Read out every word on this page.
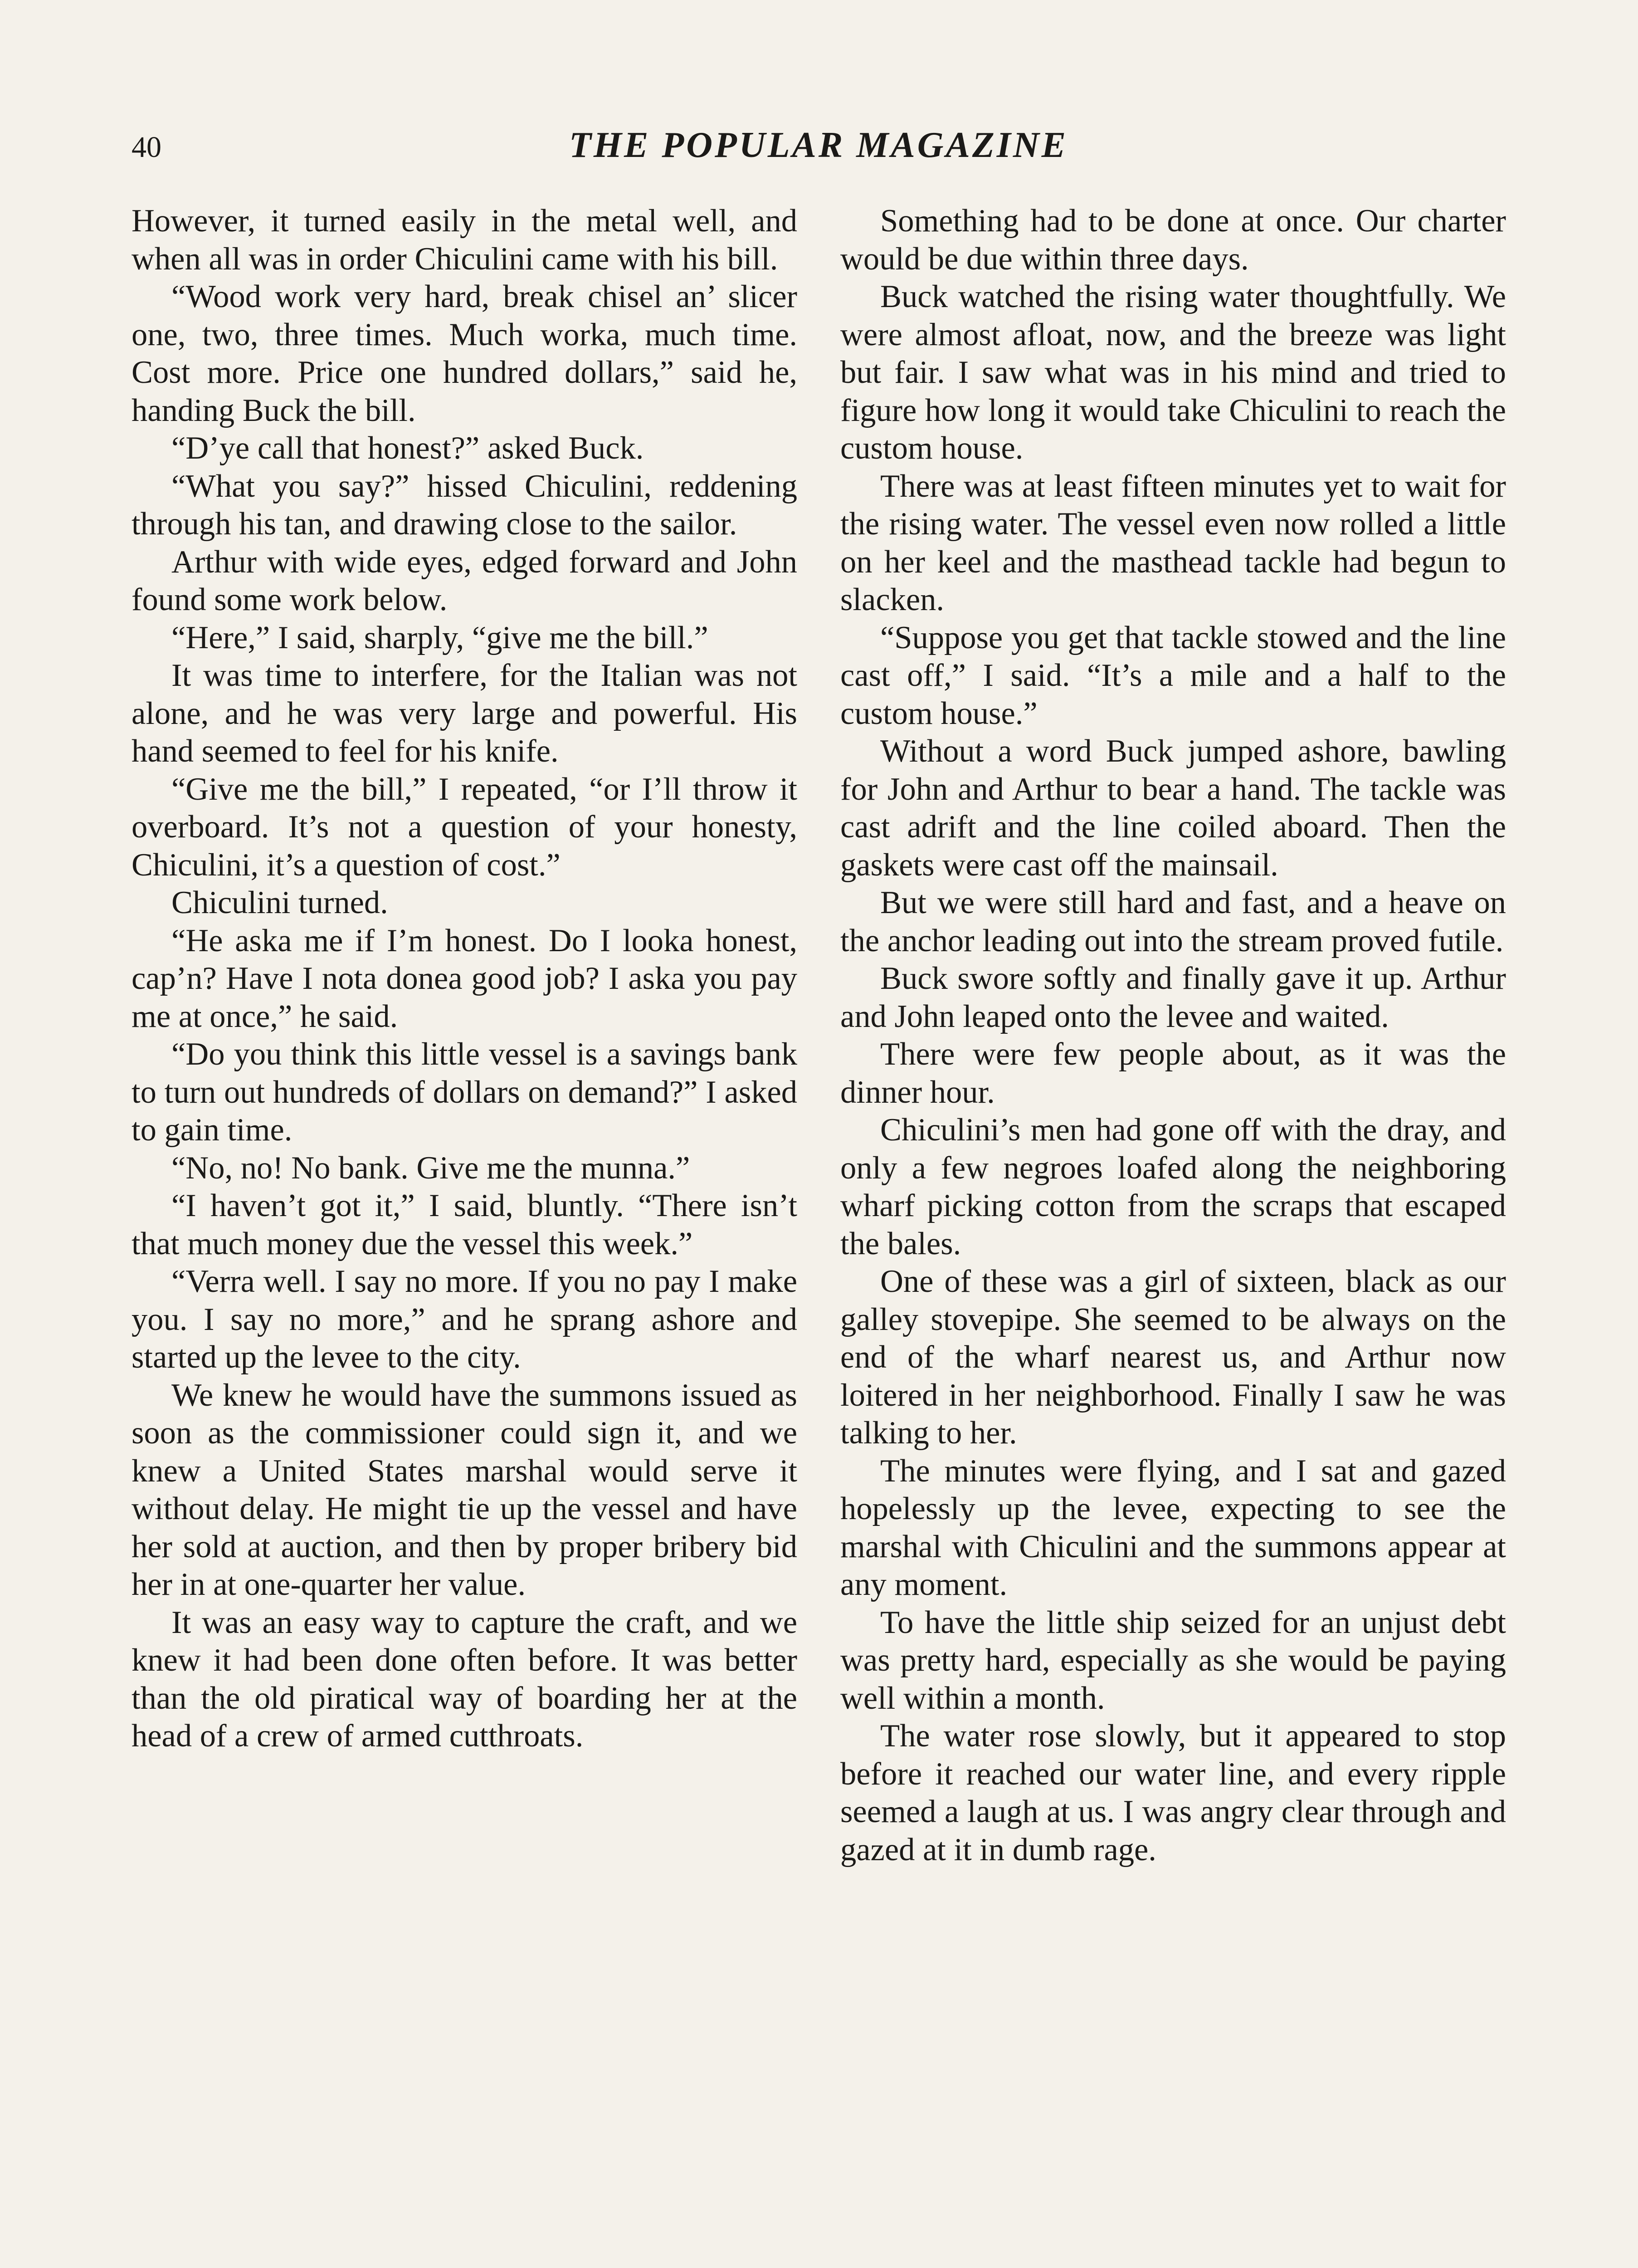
40	THE POPULAR MAGAZINE

However, it turned easily in the metal well, and when all was in order Chiculini came with his bill.

“Wood work very hard, break chisel an’ slicer one, two, three times. Much worka, much time. Cost more. Price one hundred dollars,” said he, handing Buck the bill.

“D’ye call that honest?” asked Buck.

“What you say?” hissed Chiculini, reddening through his tan, and drawing close to the sailor.

Arthur with wide eyes, edged forward and John found some work below.

“Here,” I said, sharply, “give me the bill.”

It was time to interfere, for the Italian was not alone, and he was very large and powerful. His hand seemed to feel for his knife.

“Give me the bill,” I repeated, “or I’ll throw it overboard. It’s not a question of your honesty, Chiculini, it’s a question of cost.”

Chiculini turned.

“He aska me if I’m honest. Do I looka honest, cap’n? Have I nota donea good job? I aska you pay me at once,” he said.

“Do you think this little vessel is a savings bank to turn out hundreds of dollars on demand?” I asked to gain time.

“No, no! No bank. Give me the munna.”

“I haven’t got it,” I said, bluntly. “There isn’t that much money due the vessel this week.”

“Verra well. I say no more. If you no pay I make you. I say no more,” and he sprang ashore and started up the levee to the city.

We knew he would have the summons issued as soon as the commissioner could sign it, and we knew a United States marshal would serve it without delay. He might tie up the vessel and have her sold at auction, and then by proper bribery bid her in at one-quarter her value.

It was an easy way to capture the craft, and we knew it had been done often before. It was better than the old piratical way of boarding her at the head of a crew of armed cutthroats.

Something had to be done at once. Our charter would be due within three days.

Buck watched the rising water thoughtfully. We were almost afloat, now, and the breeze was light but fair. I saw what was in his mind and tried to figure how long it would take Chiculini to reach the custom house.

There was at least fifteen minutes yet to wait for the rising water. The vessel even now rolled a little on her keel and the masthead tackle had begun to slacken.

“Suppose you get that tackle stowed and the line cast off,” I said. “It’s a mile and a half to the custom house.”

Without a word Buck jumped ashore, bawling for John and Arthur to bear a hand. The tackle was cast adrift and the line coiled aboard. Then the gaskets were cast off the mainsail.

But we were still hard and fast, and a heave on the anchor leading out into the stream proved futile.

Buck swore softly and finally gave it up. Arthur and John leaped onto the levee and waited.

There were few people about, as it was the dinner hour.

Chiculini’s men had gone off with the dray, and only a few negroes loafed along the neighboring wharf picking cotton from the scraps that escaped the bales.

One of these was a girl of sixteen, black as our galley stovepipe. She seemed to be always on the end of the wharf nearest us, and Arthur now loitered in her neighborhood. Finally I saw he was talking to her.

The minutes were flying, and I sat and gazed hopelessly up the levee, expecting to see the marshal with Chiculini and the summons appear at any moment.

To have the little ship seized for an unjust debt was pretty hard, especially as she would be paying well within a month.

The water rose slowly, but it appeared to stop before it reached our water line, and every ripple seemed a laugh at us. I was angry clear through and gazed at it in dumb rage.
